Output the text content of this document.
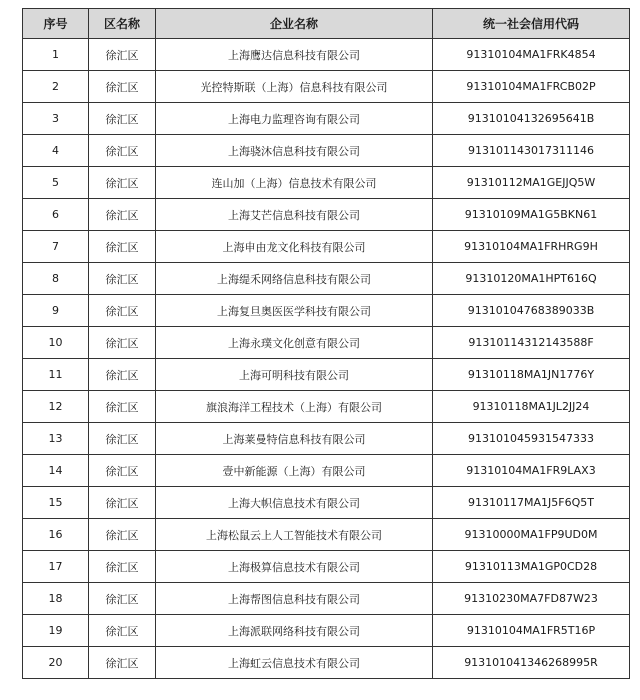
序号	区名称	企业名称	统一社会信用代码
1	徐汇区	上海鹰达信息科技有限公司	91310104MA1FRK4854
2	徐汇区	光控特斯联（上海）信息科技有限公司	91310104MA1FRCB02P
3	徐汇区	上海电力监理咨询有限公司	91310104132695641B
4	徐汇区	上海骁沐信息科技有限公司	913101143017311146
5	徐汇区	连山加（上海）信息技术有限公司	91310112MA1GEJJQ5W
6	徐汇区	上海艾芒信息科技有限公司	91310109MA1G5BKN61
7	徐汇区	上海申由龙文化科技有限公司	91310104MA1FRHRG9H
8	徐汇区	上海缇禾网络信息科技有限公司	91310120MA1HPT616Q
9	徐汇区	上海复旦奥医医学科技有限公司	91310104768389033B
10	徐汇区	上海永璞文化创意有限公司	91310114312143588F
11	徐汇区	上海可明科技有限公司	91310118MA1JN1776Y
12	徐汇区	旗浪海洋工程技术（上海）有限公司	91310118MA1JL2JJ24
13	徐汇区	上海莱曼特信息科技有限公司	913101045931547333
14	徐汇区	壹中新能源（上海）有限公司	91310104MA1FR9LAX3
15	徐汇区	上海大帜信息技术有限公司	91310117MA1J5F6Q5T
16	徐汇区	上海松鼠云上人工智能技术有限公司	91310000MA1FP9UD0M
17	徐汇区	上海极算信息技术有限公司	91310113MA1GP0CD28
18	徐汇区	上海帮图信息科技有限公司	91310230MA7FD87W23
19	徐汇区	上海派联网络科技有限公司	91310104MA1FR5T16P
20	徐汇区	上海虹云信息技术有限公司	913101041346268995R
